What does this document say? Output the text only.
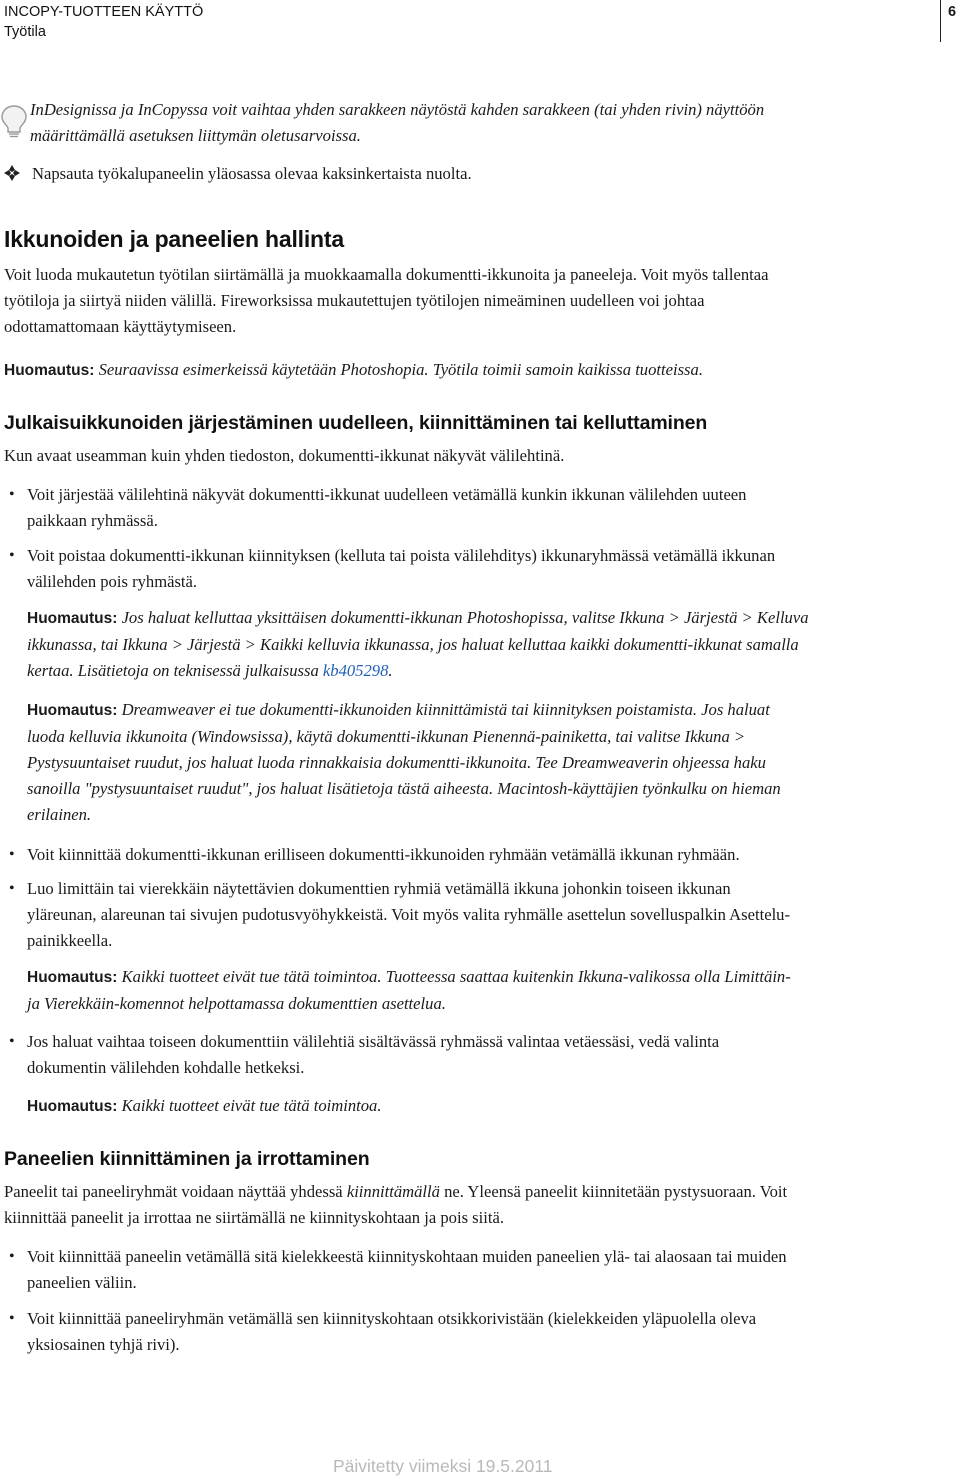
INCOPY-TUOTTEEN KÄYTTÖ
Työtila
6
InDesignissa ja InCopyssa voit vaihtaa yhden sarakkeen näytöstä kahden sarakkeen (tai yhden rivin) näyttöön
määrittämällä asetuksen liittymän oletusarvoissa.
Napsauta työkalupaneelin yläosassa olevaa kaksinkertaista nuolta.
Ikkunoiden ja paneelien hallinta
Voit luoda mukautetun työtilan siirtämällä ja muokkaamalla dokumentti-ikkunoita ja paneeleja. Voit myös tallentaa
työtiloja ja siirtyä niiden välillä. Fireworksissa mukautettujen työtilojen nimeäminen uudelleen voi johtaa
odottamattomaan käyttäytymiseen.
Huomautus: Seuraavissa esimerkeissä käytetään Photoshopia. Työtila toimii samoin kaikissa tuotteissa.
Julkaisuikkunoiden järjestäminen uudelleen, kiinnittäminen tai kelluttaminen
Kun avaat useamman kuin yhden tiedoston, dokumentti-ikkunat näkyvät välilehtinä.
• Voit järjestää välilehtinä näkyvät dokumentti-ikkunat uudelleen vetämällä kunkin ikkunan välilehden uuteen
paikkaan ryhmässä.
• Voit poistaa dokumentti-ikkunan kiinnityksen (kelluta tai poista välilehditys) ikkunaryhmässä vetämällä ikkunan
välilehden pois ryhmästä.
Huomautus: Jos haluat kelluttaa yksittäisen dokumentti-ikkunan Photoshopissa, valitse Ikkuna > Järjestä > Kelluva
ikkunassa, tai Ikkuna > Järjestä > Kaikki kelluvia ikkunassa, jos haluat kelluttaa kaikki dokumentti-ikkunat samalla
kertaa. Lisätietoja on teknisessä julkaisussa kb405298.
Huomautus: Dreamweaver ei tue dokumentti-ikkunoiden kiinnittämistä tai kiinnityksen poistamista. Jos haluat
luoda kelluvia ikkunoita (Windowsissa), käytä dokumentti-ikkunan Pienennä-painiketta, tai valitse Ikkuna >
Pystysuuntaiset ruudut, jos haluat luoda rinnakkaisia dokumentti-ikkunoita. Tee Dreamweaverin ohjeessa haku
sanoilla "pystysuuntaiset ruudut", jos haluat lisätietoja tästä aiheesta. Macintosh-käyttäjien työnkulku on hieman
erilainen.
• Voit kiinnittää dokumentti-ikkunan erilliseen dokumentti-ikkunoiden ryhmään vetämällä ikkunan ryhmään.
• Luo limittäin tai vierekkäin näytettävien dokumenttien ryhmiä vetämällä ikkuna johonkin toiseen ikkunan
yläreunan, alareunan tai sivujen pudotusvyöhykkeistä. Voit myös valita ryhmälle asettelun sovelluspalkin Asettelu-
painikkeella.
Huomautus: Kaikki tuotteet eivät tue tätä toimintoa. Tuotteessa saattaa kuitenkin Ikkuna-valikossa olla Limittäin-
ja Vierekkäin-komennot helpottamassa dokumenttien asettelua.
• Jos haluat vaihtaa toiseen dokumenttiin välilehtiä sisältävässä ryhmässä valintaa vetäessäsi, vedä valinta
dokumentin välilehden kohdalle hetkeksi.
Huomautus: Kaikki tuotteet eivät tue tätä toimintoa.
Paneelien kiinnittäminen ja irrottaminen
Paneelit tai paneeliryhmät voidaan näyttää yhdessä kiinnittämällä ne. Yleensä paneelit kiinnitetään pystysuoraan. Voit
kiinnittää paneelit ja irrottaa ne siirtämällä ne kiinnityskohtaan ja pois siitä.
• Voit kiinnittää paneelin vetämällä sitä kielekkeestä kiinnityskohtaan muiden paneelien ylä- tai alaosaan tai muiden
paneelien väliin.
• Voit kiinnittää paneeliryhmän vetämällä sen kiinnityskohtaan otsikkorivistään (kielekkeiden yläpuolella oleva
yksiosainen tyhjä rivi).
Päivitetty viimeksi 19.5.2011
